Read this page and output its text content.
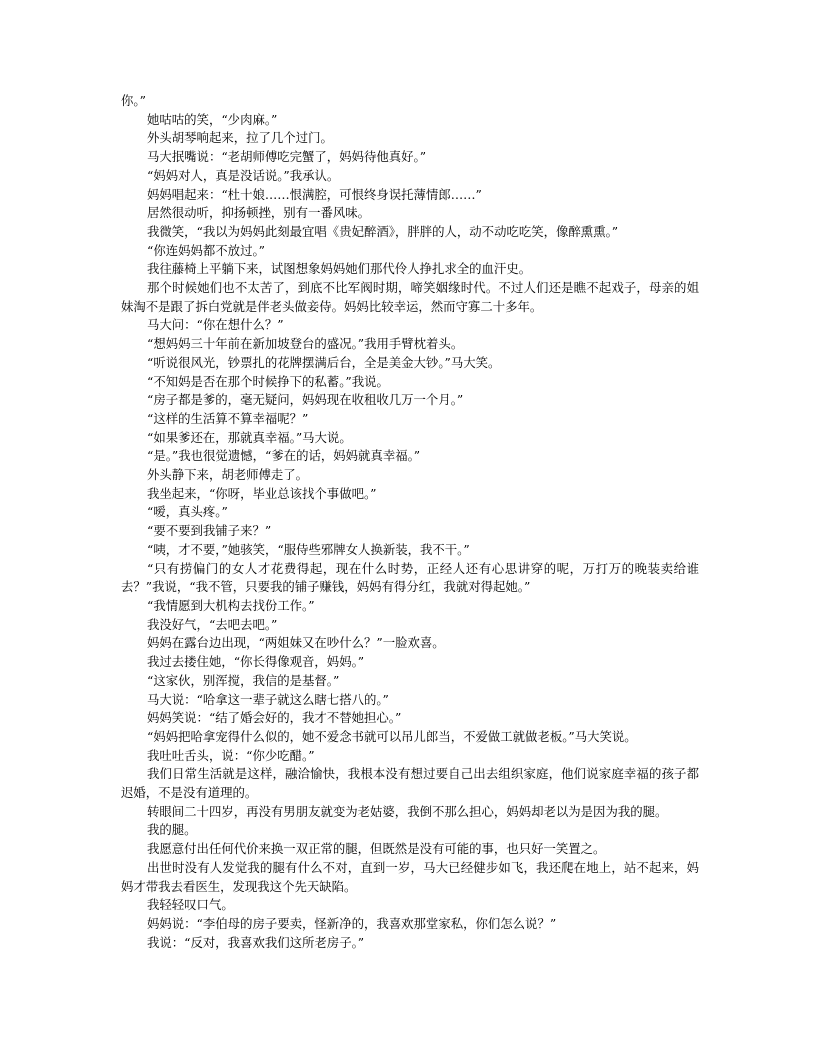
你。”

她咕咕的笑，“少肉麻。”

外头胡琴响起来，拉了几个过门。

马大抿嘴说：“老胡师傅吃完蟹了，妈妈待他真好。”

“妈妈对人，真是没话说。”我承认。

妈妈唱起来：“杜十娘……恨满腔，可恨终身误托薄情郎……”

居然很动听，抑扬顿挫，别有一番风味。

我微笑，“我以为妈妈此刻最宜唱《贵妃醉酒》，胖胖的人，动不动吃吃笑，像醉熏熏。”

“你连妈妈都不放过。”

我往藤椅上平躺下来，试图想象妈妈她们那代伶人挣扎求全的血汗史。

那个时候她们也不太苦了，到底不比军阀时期，啼笑姻缘时代。不过人们还是瞧不起戏子，母亲的姐妹淘不是跟了拆白党就是伴老头做妾侍。妈妈比较幸运，然而守寡二十多年。

马大问：“你在想什么？”

“想妈妈三十年前在新加坡登台的盛况。”我用手臂枕着头。

“听说很风光，钞票扎的花牌摆满后台，全是美金大钞。”马大笑。

“不知妈是否在那个时候挣下的私蓄。”我说。

“房子都是爹的，毫无疑问，妈妈现在收租收几万一个月。”

“这样的生活算不算幸福呢？”

“如果爹还在，那就真幸福。”马大说。

“是。”我也很觉遗憾，“爹在的话，妈妈就真幸福。”

外头静下来，胡老师傅走了。

我坐起来，“你呀，毕业总该找个事做吧。”

“嗳，真头疼。”

“要不要到我铺子来？”

“咦，才不要，”她骇笑，“服侍些邪牌女人换新装，我不干。”

“只有捞偏门的女人才花费得起，现在什么时势，正经人还有心思讲穿的呢，万打万的晚装卖给谁去？”我说，“我不管，只要我的铺子赚钱，妈妈有得分红，我就对得起她。”

“我情愿到大机构去找份工作。”

我没好气，“去吧去吧。”

妈妈在露台边出现，“两姐妹又在吵什么？”一脸欢喜。

我过去搂住她，“你长得像观音，妈妈。”

“这家伙，别浑搅，我信的是基督。”

马大说：“哈拿这一辈子就这么瞎七搭八的。”

妈妈笑说：“结了婚会好的，我才不替她担心。”

“妈妈把哈拿宠得什么似的，她不爱念书就可以吊儿郎当，不爱做工就做老板。”马大笑说。

我吐吐舌头，说：“你少吃醋。”

我们日常生活就是这样，融洽愉快，我根本没有想过要自己出去组织家庭，他们说家庭幸福的孩子都迟婚，不是没有道理的。

转眼间二十四岁，再没有男朋友就变为老姑婆，我倒不那么担心，妈妈却老以为是因为我的腿。

我的腿。

我愿意付出任何代价来换一双正常的腿，但既然是没有可能的事，也只好一笑置之。

出世时没有人发觉我的腿有什么不对，直到一岁，马大已经健步如飞，我还爬在地上，站不起来，妈妈才带我去看医生，发现我这个先天缺陷。

我轻轻叹口气。

妈妈说：“李伯母的房子要卖，怪新净的，我喜欢那堂家私，你们怎么说？”

我说：“反对，我喜欢我们这所老房子。”
